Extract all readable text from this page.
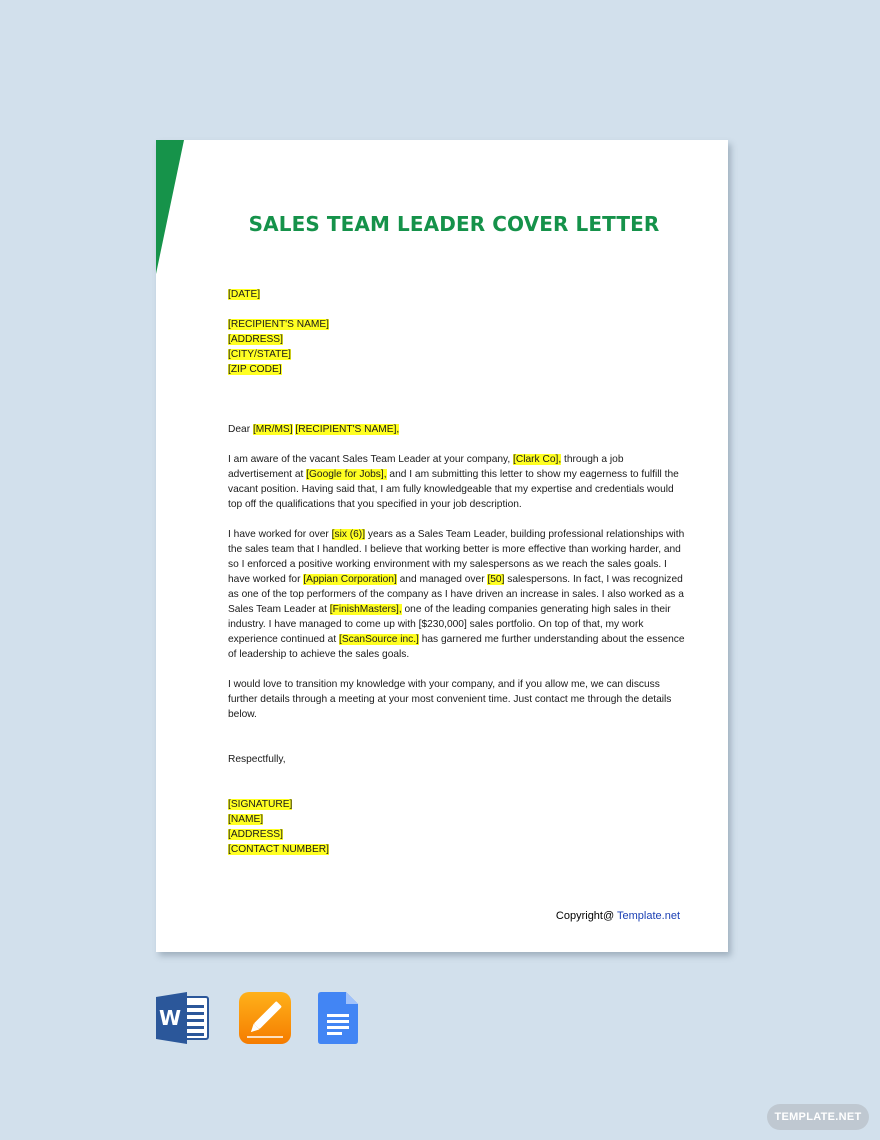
SALES TEAM LEADER COVER LETTER

[DATE]

[RECIPIENT'S NAME]

[ADDRESS]

[CITY/STATE]

[ZIP CODE]

Dear [MR/MS] [RECIPIENT'S NAME],

I am aware of the vacant Sales Team Leader at your company, [Clark Co], through a job advertisement at [Google for Jobs], and I am submitting this letter to show my eagerness to fulfill the vacant position. Having said that, I am fully knowledgeable that my expertise and credentials would top off the qualifications that you specified in your job description.

I have worked for over [six (6)] years as a Sales Team Leader, building professional relationships with the sales team that I handled. I believe that working better is more effective than working harder, and so I enforced a positive working environment with my salespersons as we reach the sales goals. I have worked for [Appian Corporation] and managed over [50] salespersons. In fact, I was recognized as one of the top performers of the company as I have driven an increase in sales. I also worked as a Sales Team Leader at [FinishMasters], one of the leading companies generating high sales in their industry. I have managed to come up with [$230,000] sales portfolio. On top of that, my work experience continued at [ScanSource inc.] has garnered me further understanding about the essence of leadership to achieve the sales goals.

I would love to transition my knowledge with your company, and if you allow me, we can discuss further details through a meeting at your most convenient time. Just contact me through the details below.

Respectfully,

[SIGNATURE]

[NAME]

[ADDRESS]

[CONTACT NUMBER]

Copyright@ Template.net
W
TEMPLATE.NET
